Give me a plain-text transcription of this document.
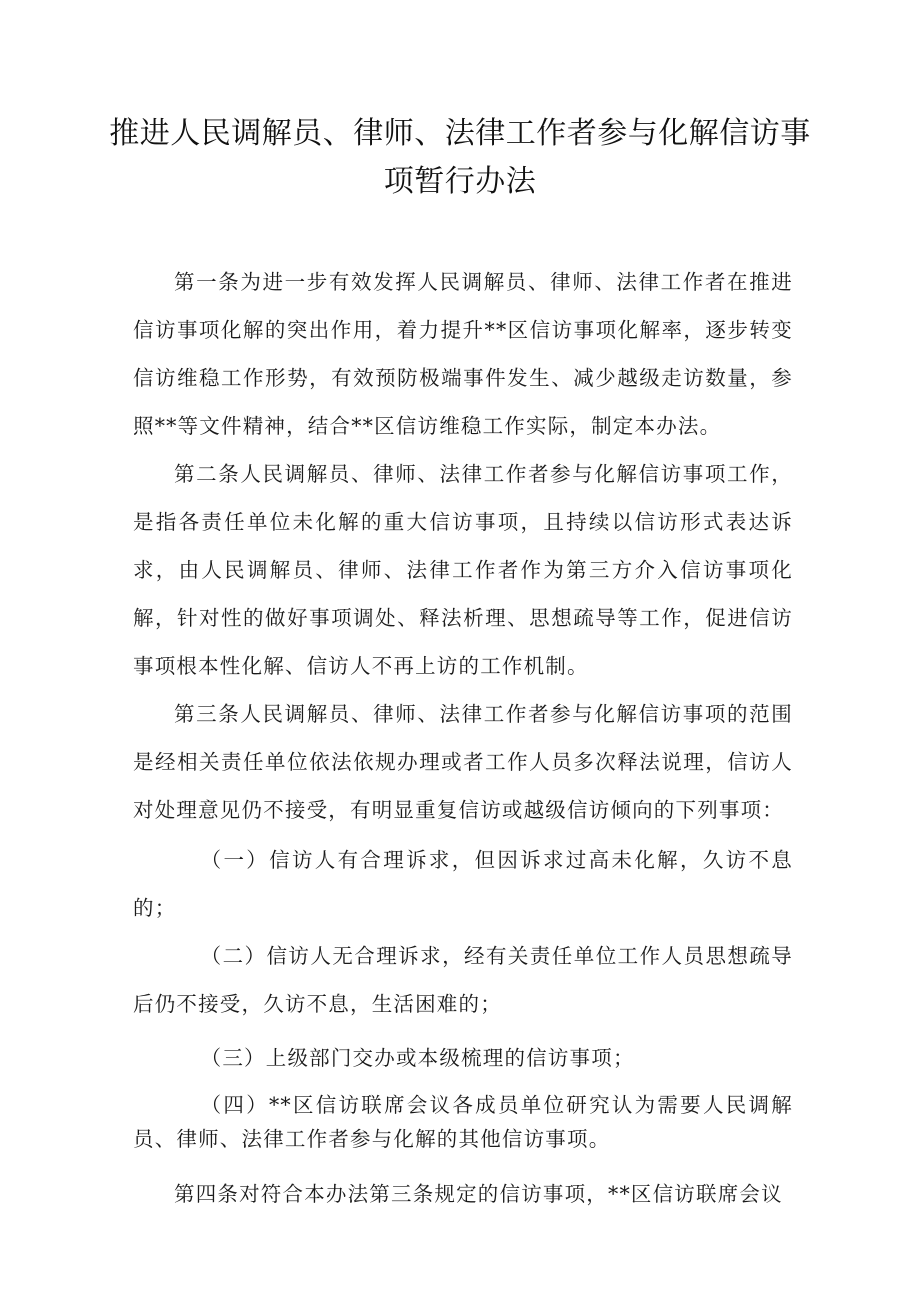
推进人民调解员、律师、法律工作者参与化解信访事
项暂行办法

第一条为进一步有效发挥人民调解员、律师、法律工作者在推进信访事项化解的突出作用，着力提升**区信访事项化解率，逐步转变信访维稳工作形势，有效预防极端事件发生、减少越级走访数量，参照**等文件精神，结合**区信访维稳工作实际，制定本办法。

第二条人民调解员、律师、法律工作者参与化解信访事项工作，是指各责任单位未化解的重大信访事项，且持续以信访形式表达诉求，由人民调解员、律师、法律工作者作为第三方介入信访事项化解，针对性的做好事项调处、释法析理、思想疏导等工作，促进信访事项根本性化解、信访人不再上访的工作机制。

第三条人民调解员、律师、法律工作者参与化解信访事项的范围是经相关责任单位依法依规办理或者工作人员多次释法说理，信访人对处理意见仍不接受，有明显重复信访或越级信访倾向的下列事项：

（一）信访人有合理诉求，但因诉求过高未化解，久访不息的；

（二）信访人无合理诉求，经有关责任单位工作人员思想疏导后仍不接受，久访不息，生活困难的；

（三）上级部门交办或本级梳理的信访事项；

（四）**区信访联席会议各成员单位研究认为需要人民调解员、律师、法律工作者参与化解的其他信访事项。

第四条对符合本办法第三条规定的信访事项，**区信访联席会议
